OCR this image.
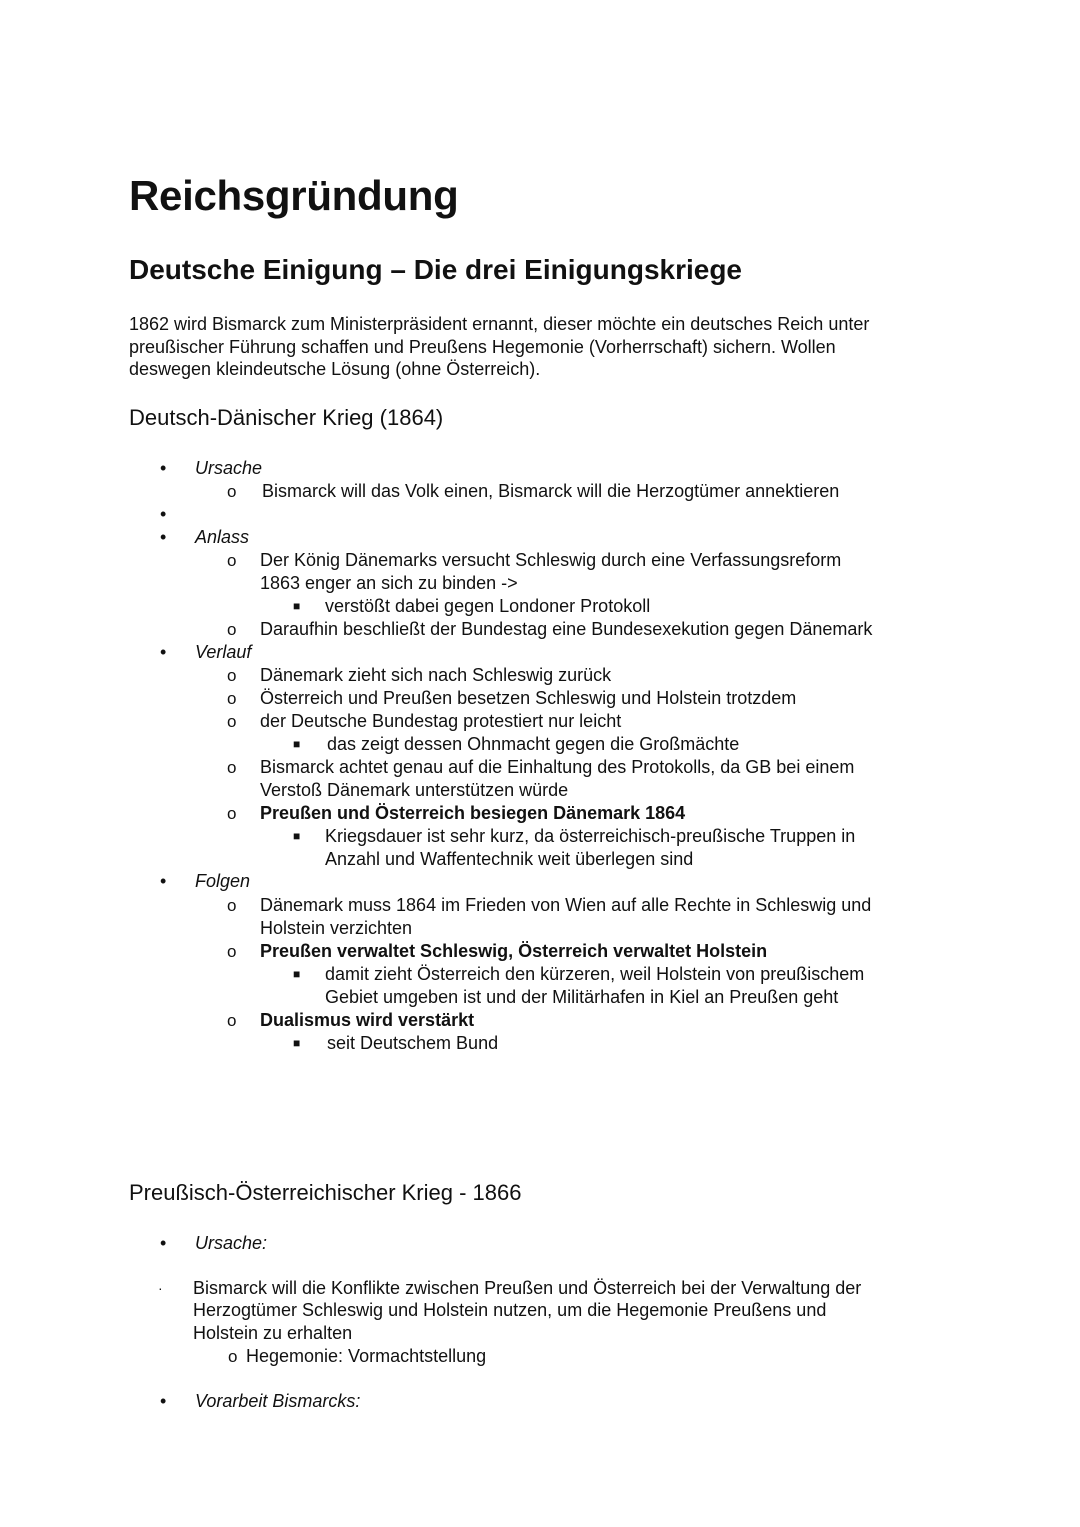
Reichsgründung
Deutsche Einigung – Die drei Einigungskriege
1862 wird Bismarck zum Ministerpräsident ernannt, dieser möchte ein deutsches Reich unter
preußischer Führung schaffen und Preußens Hegemonie (Vorherrschaft) sichern. Wollen
deswegen kleindeutsche Lösung (ohne Österreich).
Deutsch-Dänischer Krieg (1864)
• Ursache
o Bismarck will das Volk einen, Bismarck will die Herzogtümer annektieren
•
• Anlass
o Der König Dänemarks versucht Schleswig durch eine Verfassungsreform
1863 enger an sich zu binden ->
■ verstößt dabei gegen Londoner Protokoll
o Daraufhin beschließt der Bundestag eine Bundesexekution gegen Dänemark
• Verlauf
o Dänemark zieht sich nach Schleswig zurück
o Österreich und Preußen besetzen Schleswig und Holstein trotzdem
o der Deutsche Bundestag protestiert nur leicht
■ das zeigt dessen Ohnmacht gegen die Großmächte
o Bismarck achtet genau auf die Einhaltung des Protokolls, da GB bei einem
Verstoß Dänemark unterstützen würde
o Preußen und Österreich besiegen Dänemark 1864
■ Kriegsdauer ist sehr kurz, da österreichisch-preußische Truppen in
Anzahl und Waffentechnik weit überlegen sind
• Folgen
o Dänemark muss 1864 im Frieden von Wien auf alle Rechte in Schleswig und
Holstein verzichten
o Preußen verwaltet Schleswig, Österreich verwaltet Holstein
■ damit zieht Österreich den kürzeren, weil Holstein von preußischem
Gebiet umgeben ist und der Militärhafen in Kiel an Preußen geht
o Dualismus wird verstärkt
■ seit Deutschem Bund
Preußisch-Österreichischer Krieg - 1866
• Ursache:
· Bismarck will die Konflikte zwischen Preußen und Österreich bei der Verwaltung der
Herzogtümer Schleswig und Holstein nutzen, um die Hegemonie Preußens und
Holstein zu erhalten
o Hegemonie: Vormachtstellung
• Vorarbeit Bismarcks:
